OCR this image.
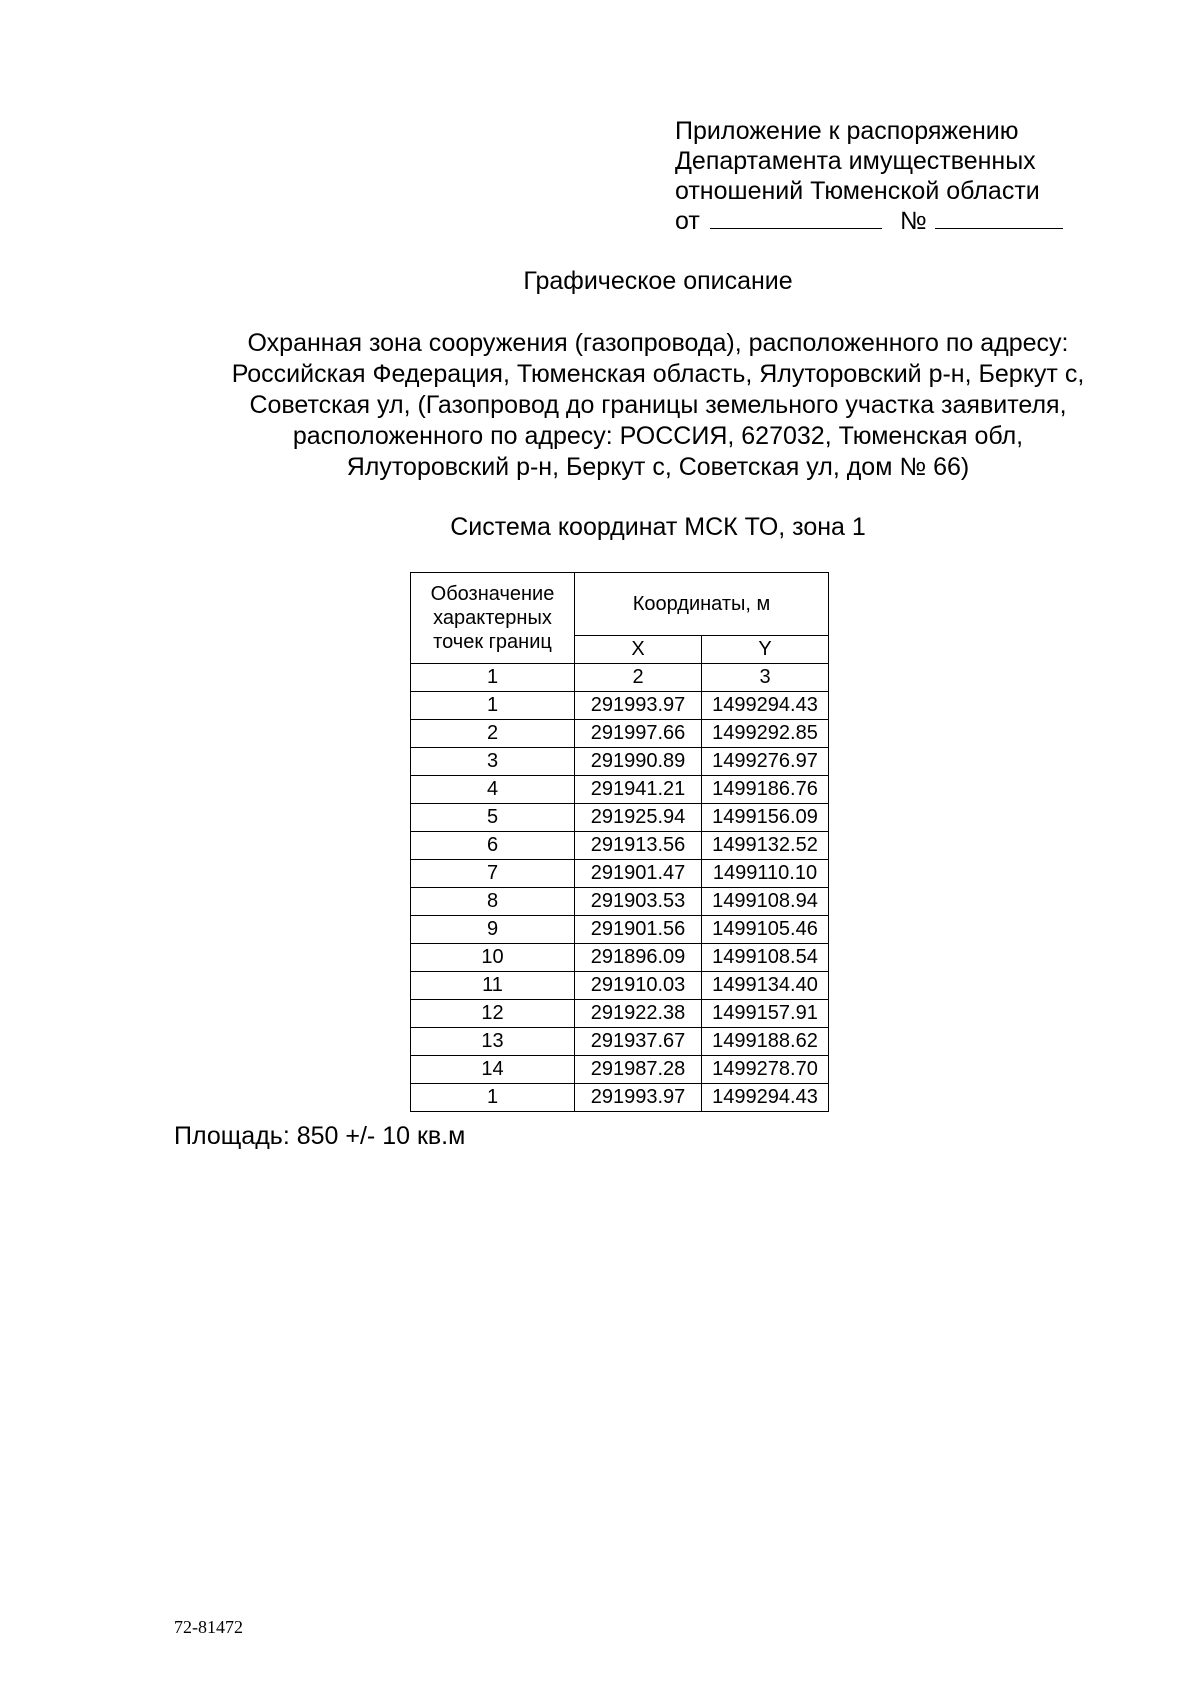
Приложение к распоряжению
Департамента имущественных
отношений Тюменской области
от	№
Графическое описание
Охранная зона сооружения (газопровода), расположенного по адресу:
Российская Федерация, Тюменская область, Ялуторовский р-н, Беркут с,
Советская ул, (Газопровод до границы земельного участка заявителя,
расположенного по адресу: РОССИЯ, 627032, Тюменская обл,
Ялуторовский р-н, Беркут с, Советская ул, дом № 66)
Система координат МСК ТО, зона 1
Обозначение
характерных
точек границ	Координаты, м	
	X	Y
1	2	3
1	291993.97	1499294.43
2	291997.66	1499292.85
3	291990.89	1499276.97
4	291941.21	1499186.76
5	291925.94	1499156.09
6	291913.56	1499132.52
7	291901.47	1499110.10
8	291903.53	1499108.94
9	291901.56	1499105.46
10	291896.09	1499108.54
11	291910.03	1499134.40
12	291922.38	1499157.91
13	291937.67	1499188.62
14	291987.28	1499278.70
1	291993.97	1499294.43
Площадь: 850 +/- 10 кв.м
72-81472
